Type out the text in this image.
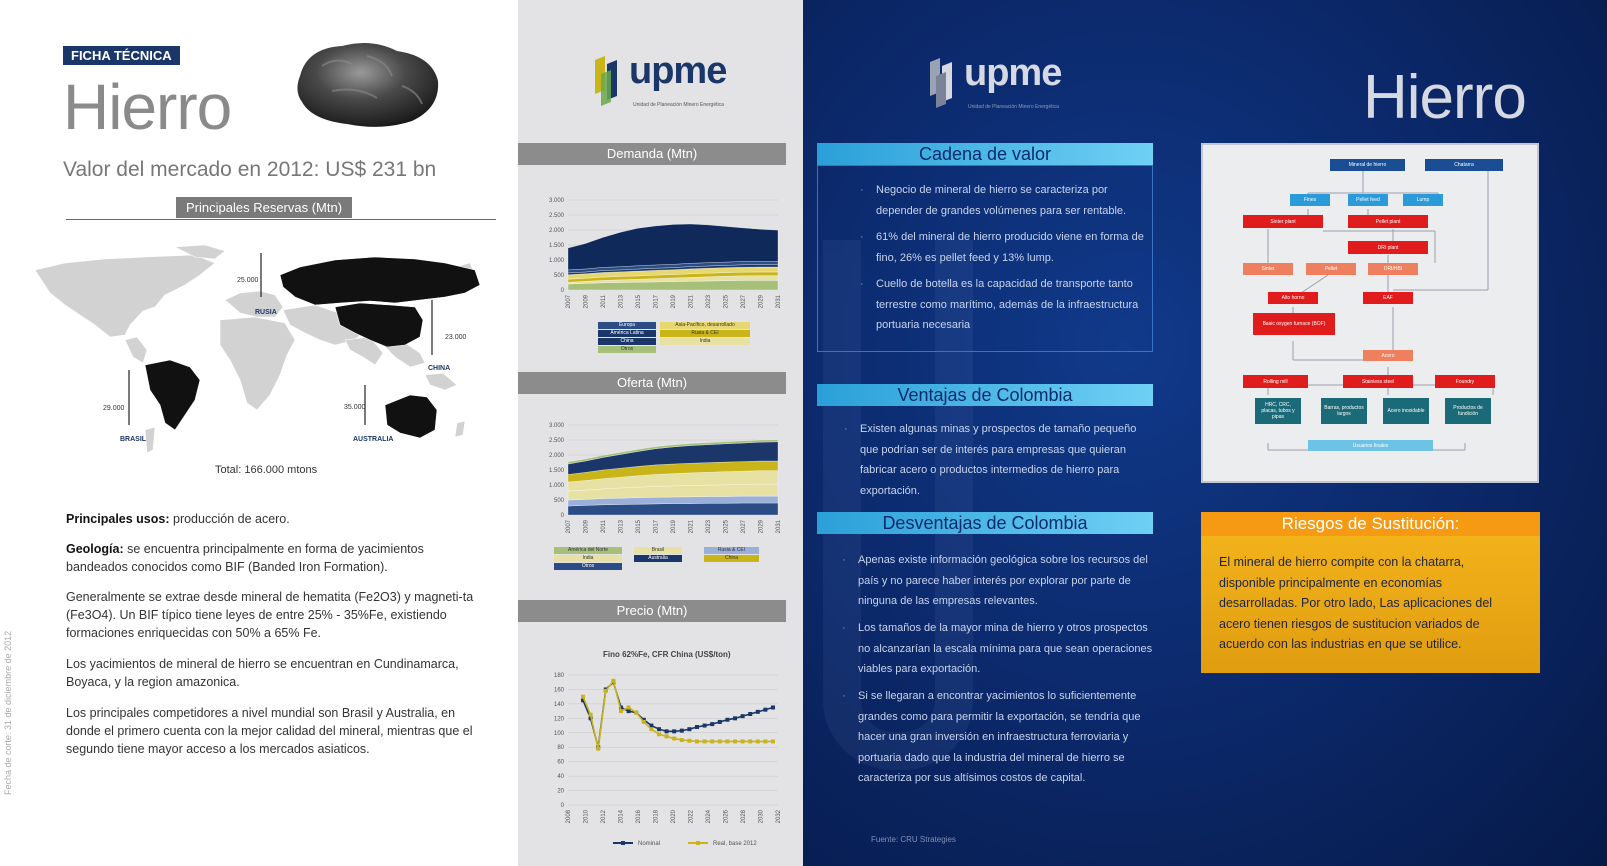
FICHA TÉCNICA
Hierro
Valor del mercado en 2012: US$ 231 bn
Principales Reservas (Mtn)
25.000
RUSIA
23.000
CHINA
29.000
BRASIL
35.000
AUSTRALIA
Total: 166.000 mtons
Principales usos: producción de acero.
Geología: se encuentra principalmente en forma de yacimientos bandeados conocidos como BIF (Banded Iron Formation).
Generalmente se extrae desde mineral de hematita (Fe2O3) y magneti-ta (Fe3O4). Un BIF típico tiene leyes de entre 25% - 35%Fe, existiendo formaciones enriquecidas con 50% a 65% Fe.
Los yacimientos de mineral de hierro se encuentran en Cundinamarca, Boyaca, y la region amazonica.
Los principales competidores a nivel mundial son Brasil y Australia, en donde el primero cuenta con la mejor calidad del mineral, mientras que el segundo tiene mayor acceso a los mercados asiaticos.
Fecha de corte: 31 de diciembre de 2012
upme
Unidad de Planeación Minero Energética
Demanda (Mtn)
3.000
2.500
2.000
1.500
1.000
500
0
2007 2009 2011 2013 2015 2017 2019 2021 2023 2025 2027 2029 2031
Europa	Asia-Pacífico, desarrollado
América Latina	Rusia & CEI
China	India
Otros
Oferta (Mtn)
3.000
2.500
2.000
1.500
1.000
500
0
2007 2009 2011 2013 2015 2017 2019 2021 2023 2025 2027 2029 2031
América del Norte	Brasil	Rusia & CEI
India	Australia	China
Otros
Precio (Mtn)
Fino 62%Fe, CFR China (US$/ton)
180
160
140
120
100
80
60
40
20
0
2008 2010 2012 2014 2016 2018 2020 2022 2024 2026 2028 2030 2032
Nominal	Real, base 2012
upme
Unidad de Planeación Minero Energética	Hierro
Cadena de valor
· Negocio de mineral de hierro se caracteriza por depender de grandes volúmenes para ser rentable.
· 61% del mineral de hierro producido viene en forma de fino, 26% es pellet feed y 13% lump.
· Cuello de botella es la capacidad de transporte tanto terrestre como marítimo, además de la infraestructura portuaria necesaria
Ventajas de Colombia
· Existen algunas minas y prospectos de tamaño pequeño que podrían ser de interés para empresas que quieran fabricar acero o productos intermedios de hierro para exportación.
Desventajas de Colombia
· Apenas existe información geológica sobre los recursos del país y no parece haber interés por explorar por parte de ninguna de las empresas relevantes.
· Los tamaños de la mayor mina de hierro y otros prospectos no alcanzarían la escala mínima para que sean operaciones viables para exportación.
· Si se llegaran a encontrar yacimientos lo suficientemente grandes como para permitir la exportación, se tendría que hacer una gran inversión en infraestructura ferroviaria y portuaria dado que la industria del mineral de hierro se caracteriza por sus altísimos costos de capital.
Mineral de hierro	Chatarra
Fines	Pellet feed	Lump
Sinter plant	Pellet plant
DRI plant
Sinter	Pellet	DRI/HBI
Alto horno	EAF
Basic oxygen furnace (BOF)
Acero
Rolling mill	Stainless steel	Foundry
HRC, CRC, placas, tubos y pipas
Barras, productos largos	Acero inoxidable	Productos de fundición
Usuarios finales
Riesgos de Sustitución:
El mineral de hierro compite con la chatarra, disponible principalmente en economías desarrolladas. Por otro lado, Las aplicaciones del acero tienen riesgos de sustitucion variados de acuerdo con las industrias en que se utilice.
Fuente: CRU Strategies
